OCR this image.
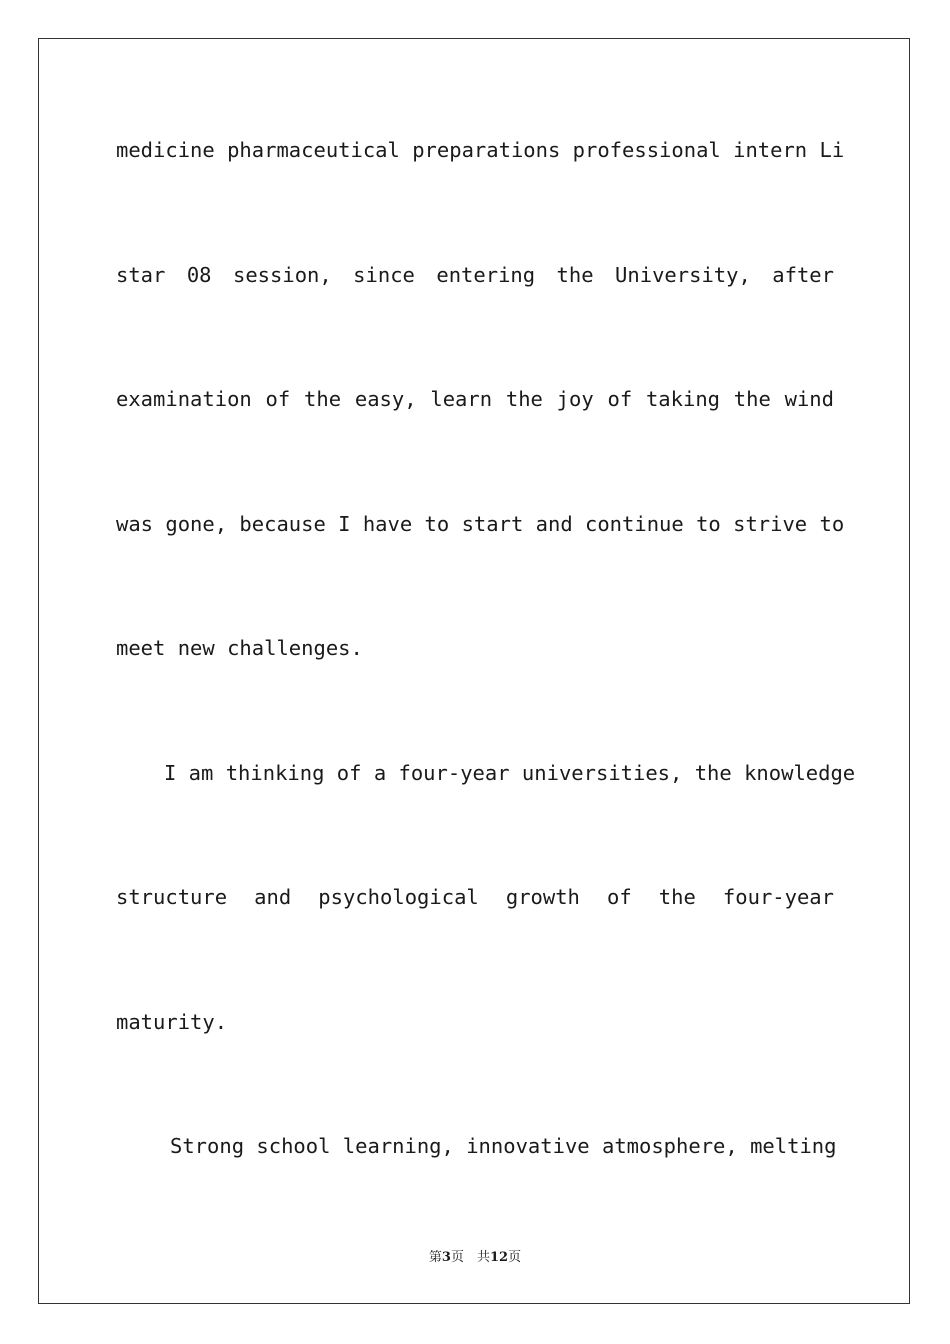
medicine pharmaceutical preparations professional intern Li
star 08 session, since entering the University, after
examination of the easy, learn the joy of taking the wind
was gone, because I have to start and continue to strive to
meet new challenges.
I am thinking of a four-year universities, the knowledge
structure and psychological growth of the four-year
maturity.
Strong school learning, innovative atmosphere, melting
第3页　共12页
